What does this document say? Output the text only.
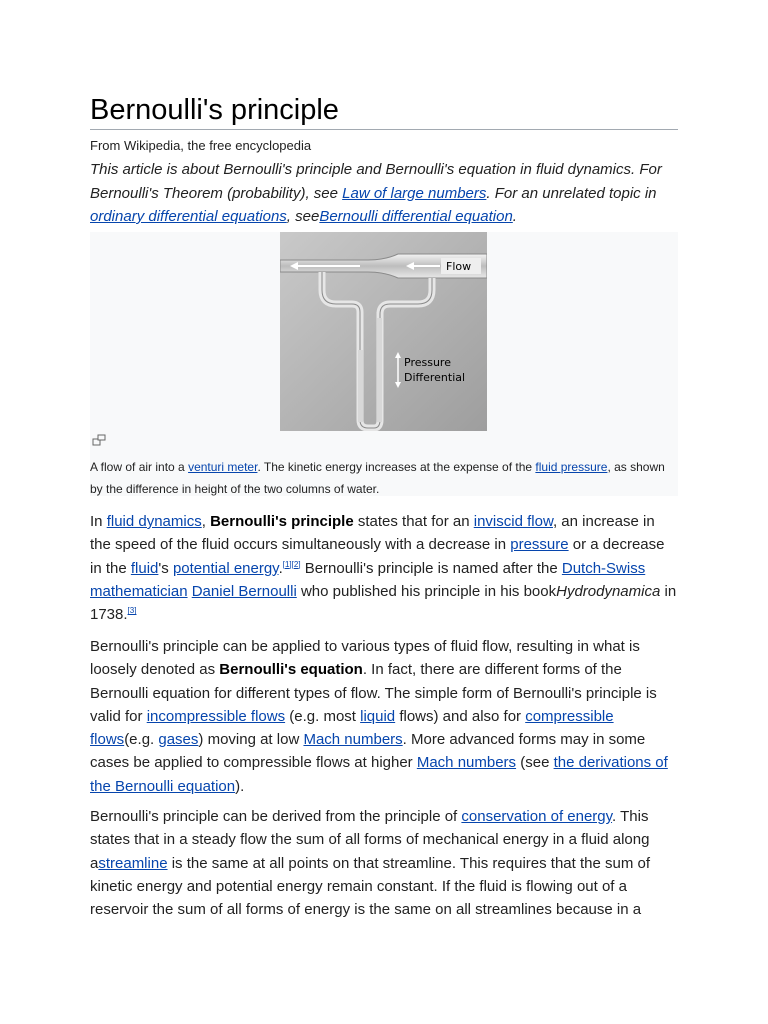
Bernoulli's principle
From Wikipedia, the free encyclopedia
This article is about Bernoulli's principle and Bernoulli's equation in fluid dynamics. For Bernoulli's Theorem (probability), see Law of large numbers. For an unrelated topic in ordinary differential equations, seeBernoulli differential equation.
Flow
Pressure
Differential
A flow of air into a venturi meter. The kinetic energy increases at the expense of the fluid pressure, as shown by the difference in height of the two columns of water.

In fluid dynamics, Bernoulli's principle states that for an inviscid flow, an increase in the speed of the fluid occurs simultaneously with a decrease in pressure or a decrease in the fluid's potential energy.[1][2] Bernoulli's principle is named after the Dutch-Swiss mathematician Daniel Bernoulli who published his principle in his bookHydrodynamica in 1738.[3]

Bernoulli's principle can be applied to various types of fluid flow, resulting in what is loosely denoted as Bernoulli's equation. In fact, there are different forms of the Bernoulli equation for different types of flow. The simple form of Bernoulli's principle is valid for incompressible flows (e.g. most liquid flows) and also for compressible flows(e.g. gases) moving at low Mach numbers. More advanced forms may in some cases be applied to compressible flows at higher Mach numbers (see the derivations of the Bernoulli equation).

Bernoulli's principle can be derived from the principle of conservation of energy. This states that in a steady flow the sum of all forms of mechanical energy in a fluid along astreamline is the same at all points on that streamline. This requires that the sum of kinetic energy and potential energy remain constant. If the fluid is flowing out of a reservoir the sum of all forms of energy is the same on all streamlines because in a
